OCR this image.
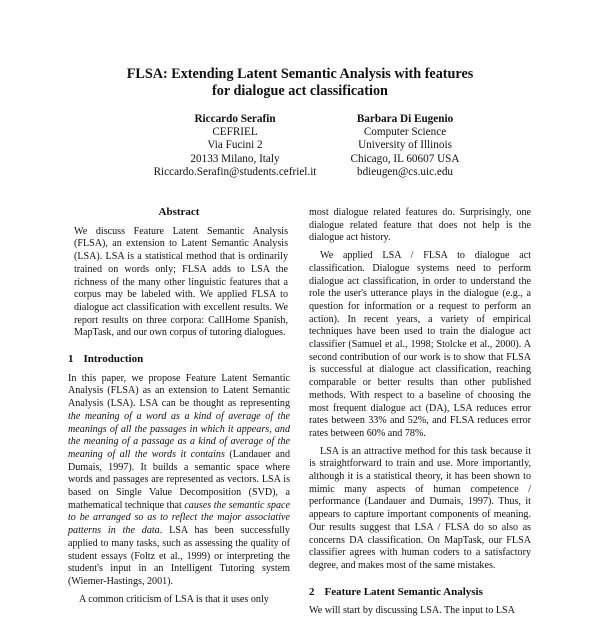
FLSA: Extending Latent Semantic Analysis with features
for dialogue act classification
Riccardo Serafin
CEFRIEL
Via Fucini 2
20133 Milano, Italy
Riccardo.Serafin@students.cefriel.it
Barbara Di Eugenio
Computer Science
University of Illinois
Chicago, IL 60607 USA
bdieugen@cs.uic.edu
Abstract

We discuss Feature Latent Semantic Analysis (FLSA), an extension to Latent Semantic Analysis (LSA). LSA is a statistical method that is ordinarily trained on words only; FLSA adds to LSA the richness of the many other linguistic features that a corpus may be labeled with. We applied FLSA to dialogue act classification with excellent results. We report results on three corpora: CallHome Spanish, MapTask, and our own corpus of tutoring dialogues.

1 Introduction

In this paper, we propose Feature Latent Semantic Analysis (FLSA) as an extension to Latent Semantic Analysis (LSA). LSA can be thought as representing the meaning of a word as a kind of average of the meanings of all the passages in which it appears, and the meaning of a passage as a kind of average of the meaning of all the words it contains (Landauer and Dumais, 1997). It builds a semantic space where words and passages are represented as vectors. LSA is based on Single Value Decomposition (SVD), a mathematical technique that causes the semantic space to be arranged so as to reflect the major associative patterns in the data. LSA has been successfully applied to many tasks, such as assessing the quality of student essays (Foltz et al., 1999) or interpreting the student's input in an Intelligent Tutoring system (Wiemer-Hastings, 2001).

A common criticism of LSA is that it uses only

most dialogue related features do. Surprisingly, one dialogue related feature that does not help is the dialogue act history.

We applied LSA / FLSA to dialogue act classification. Dialogue systems need to perform dialogue act classification, in order to understand the role the user's utterance plays in the dialogue (e.g., a question for information or a request to perform an action). In recent years, a variety of empirical techniques have been used to train the dialogue act classifier (Samuel et al., 1998; Stolcke et al., 2000). A second contribution of our work is to show that FLSA is successful at dialogue act classification, reaching comparable or better results than other published methods. With respect to a baseline of choosing the most frequent dialogue act (DA), LSA reduces error rates between 33% and 52%, and FLSA reduces error rates between 60% and 78%.

LSA is an attractive method for this task because it is straightforward to train and use. More importantly, although it is a statistical theory, it has been shown to mimic many aspects of human competence / performance (Landauer and Dumais, 1997). Thus, it appears to capture important components of meaning. Our results suggest that LSA / FLSA do so also as concerns DA classification. On MapTask, our FLSA classifier agrees with human coders to a satisfactory degree, and makes most of the same mistakes.

2 Feature Latent Semantic Analysis

We will start by discussing LSA. The input to LSA
